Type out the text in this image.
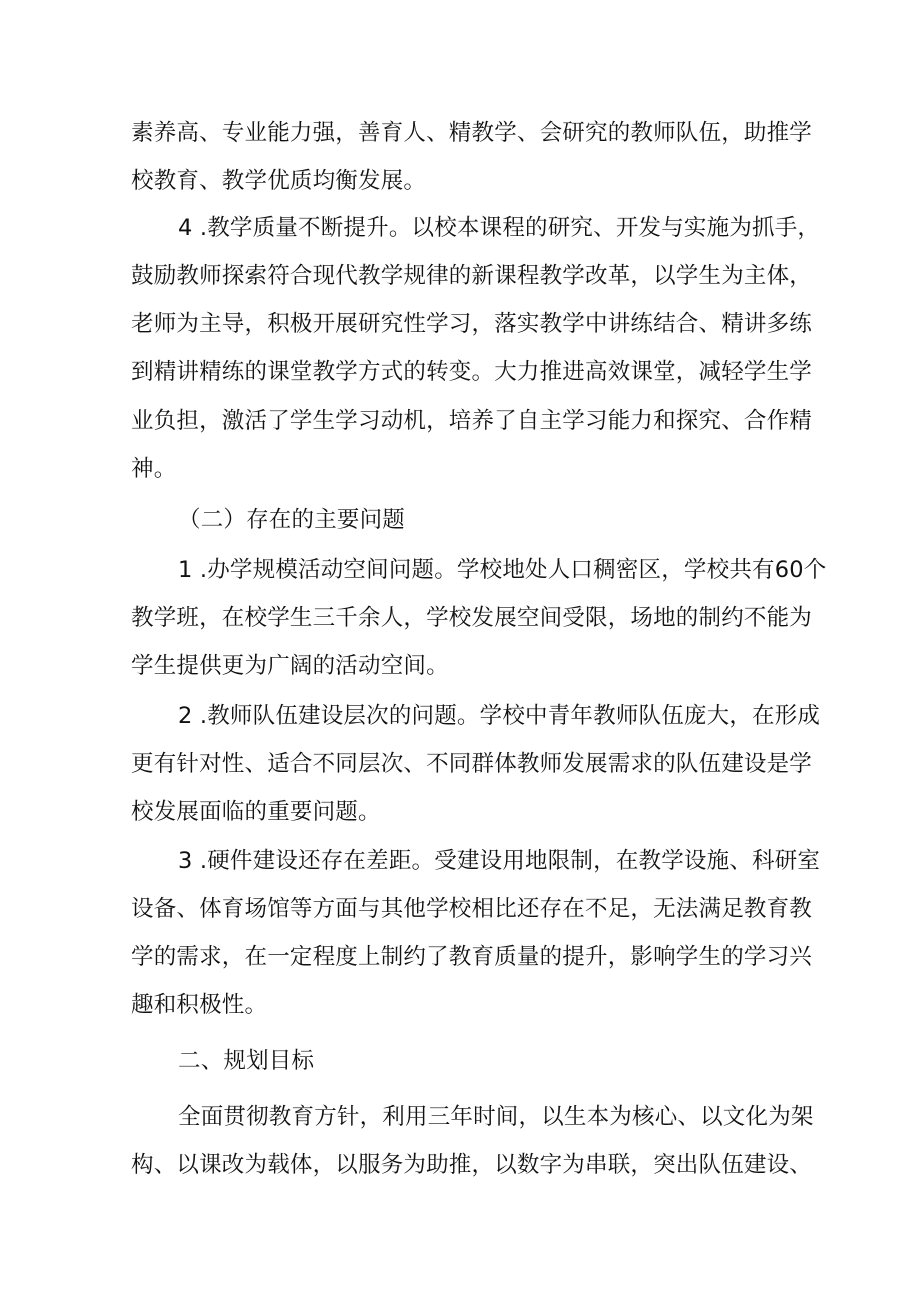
素养高、专业能力强，善育人、精教学、会研究的教师队伍，助推学
校教育、教学优质均衡发展。
4 .教学质量不断提升。以校本课程的研究、开发与实施为抓手，
鼓励教师探索符合现代教学规律的新课程教学改革，以学生为主体，
老师为主导，积极开展研究性学习，落实教学中讲练结合、精讲多练
到精讲精练的课堂教学方式的转变。大力推进高效课堂，减轻学生学
业负担，激活了学生学习动机，培养了自主学习能力和探究、合作精
神。
（二）存在的主要问题
1 .办学规模活动空间问题。学校地处人口稠密区，学校共有60个
教学班，在校学生三千余人，学校发展空间受限，场地的制约不能为
学生提供更为广阔的活动空间。
2 .教师队伍建设层次的问题。学校中青年教师队伍庞大，在形成
更有针对性、适合不同层次、不同群体教师发展需求的队伍建设是学
校发展面临的重要问题。
3 .硬件建设还存在差距。受建设用地限制，在教学设施、科研室
设备、体育场馆等方面与其他学校相比还存在不足，无法满足教育教
学的需求，在一定程度上制约了教育质量的提升，影响学生的学习兴
趣和积极性。
二、规划目标
全面贯彻教育方针，利用三年时间，以生本为核心、以文化为架
构、以课改为载体，以服务为助推，以数字为串联，突出队伍建设、
